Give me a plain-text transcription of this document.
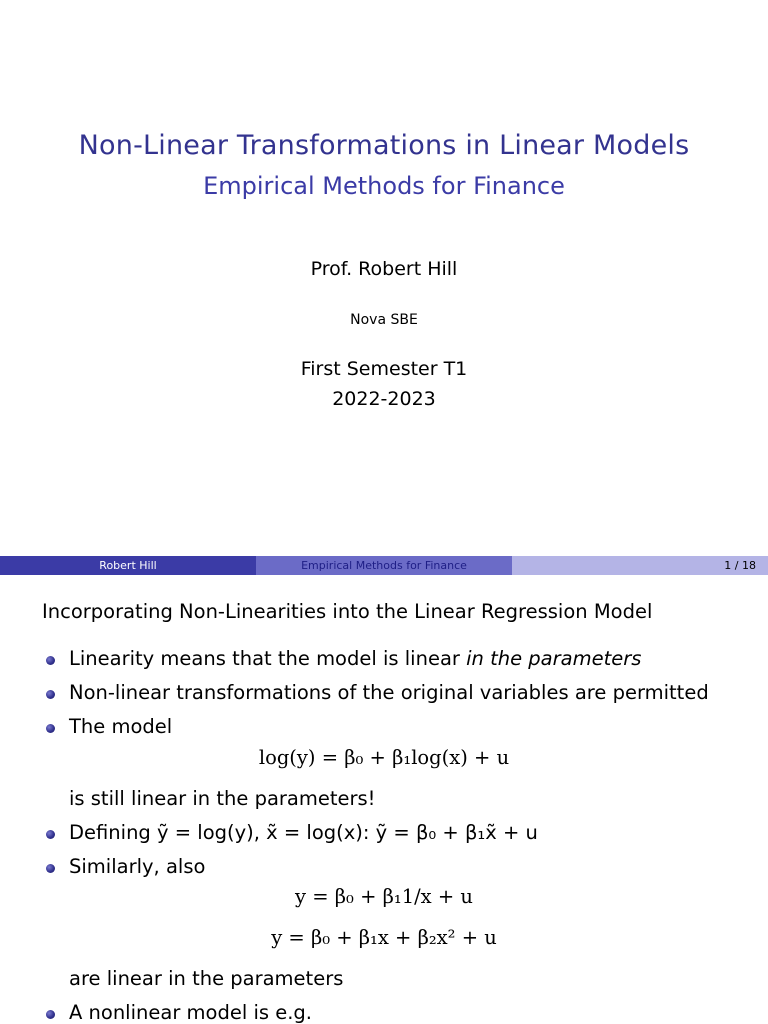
Non-Linear Transformations in Linear Models
Empirical Methods for Finance
Prof. Robert Hill
Nova SBE
First Semester T1
2022-2023
Robert Hill	Empirical Methods for Finance	1 / 18
Incorporating Non-Linearities into the Linear Regression Model
Linearity means that the model is linear in the parameters
Non-linear transformations of the original variables are permitted
The model
log(y) = β₀ + β₁log(x) + u
is still linear in the parameters!
Defining ỹ = log(y), x̃ = log(x): ỹ = β₀ + β₁x̃ + u
Similarly, also
y = β₀ + β₁1/x + u
y = β₀ + β₁x + β₂x² + u
are linear in the parameters
A nonlinear model is e.g.
